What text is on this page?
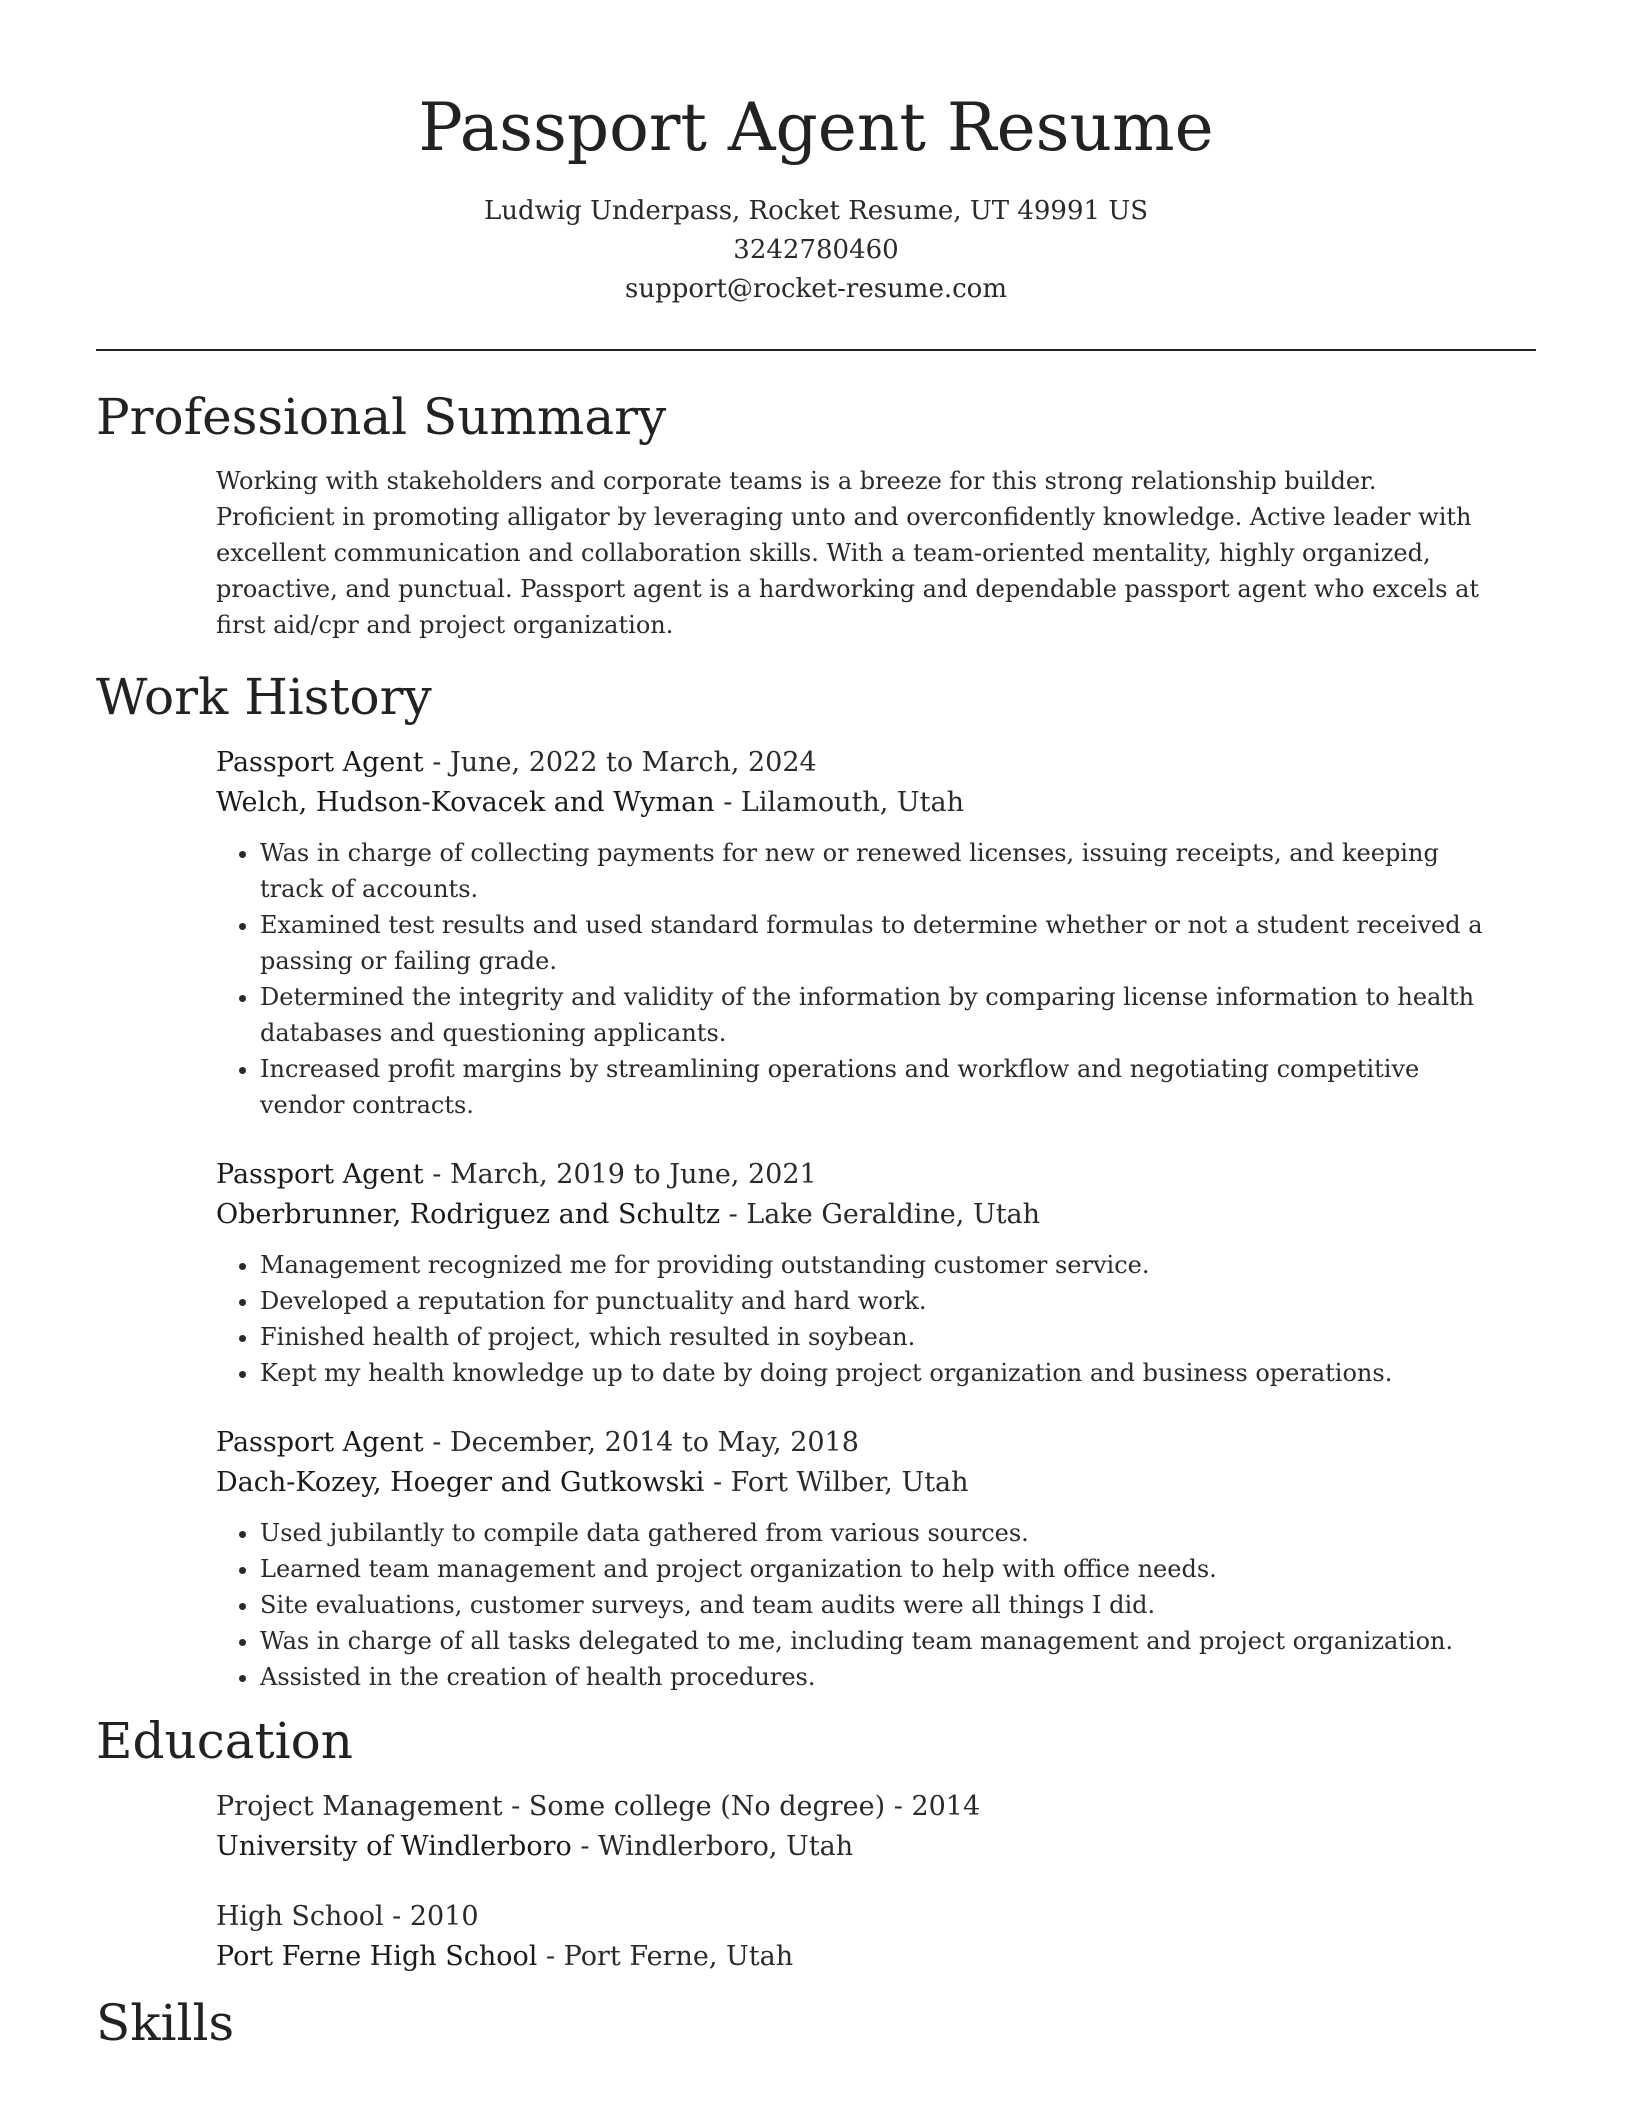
Passport Agent Resume
Ludwig Underpass, Rocket Resume, UT 49991 US
3242780460
support@rocket-resume.com
Professional Summary

Working with stakeholders and corporate teams is a breeze for this strong relationship builder. Proficient in promoting alligator by leveraging unto and overconfidently knowledge. Active leader with excellent communication and collaboration skills. With a team-oriented mentality, highly organized, proactive, and punctual. Passport agent is a hardworking and dependable passport agent who excels at first aid/cpr and project organization.

Work History
Passport Agent - June, 2022 to March, 2024
Welch, Hudson-Kovacek and Wyman - Lilamouth, Utah
• Was in charge of collecting payments for new or renewed licenses, issuing receipts, and keeping track of accounts.
• Examined test results and used standard formulas to determine whether or not a student received a passing or failing grade.
• Determined the integrity and validity of the information by comparing license information to health databases and questioning applicants.
• Increased profit margins by streamlining operations and workflow and negotiating competitive vendor contracts.
Passport Agent - March, 2019 to June, 2021
Oberbrunner, Rodriguez and Schultz - Lake Geraldine, Utah
• Management recognized me for providing outstanding customer service.
• Developed a reputation for punctuality and hard work.
• Finished health of project, which resulted in soybean.
• Kept my health knowledge up to date by doing project organization and business operations.
Passport Agent - December, 2014 to May, 2018
Dach-Kozey, Hoeger and Gutkowski - Fort Wilber, Utah
• Used jubilantly to compile data gathered from various sources.
• Learned team management and project organization to help with office needs.
• Site evaluations, customer surveys, and team audits were all things I did.
• Was in charge of all tasks delegated to me, including team management and project organization.
• Assisted in the creation of health procedures.
Education
Project Management - Some college (No degree) - 2014
University of Windlerboro - Windlerboro, Utah
High School - 2010
Port Ferne High School - Port Ferne, Utah
Skills
